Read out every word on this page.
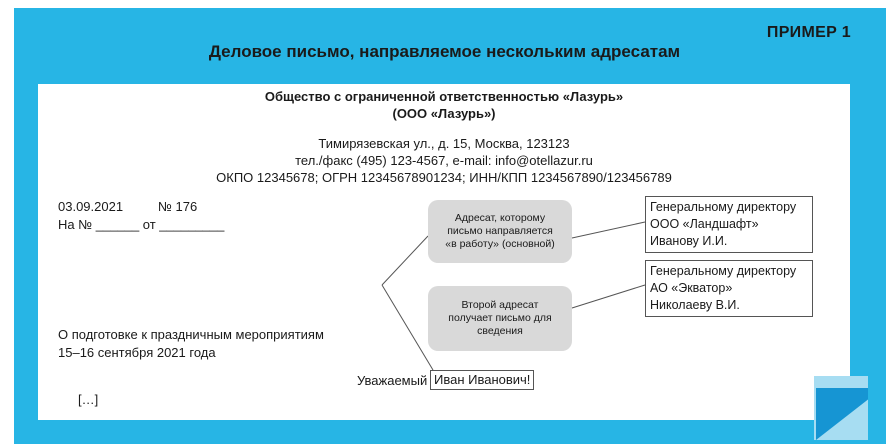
ПРИМЕР 1
Деловое письмо, направляемое нескольким адресатам
Общество с ограниченной ответственностью «Лазурь»
(ООО «Лазурь»)
Тимирязевская ул., д. 15, Москва, 123123
тел./факс (495) 123-4567, e-mail: info@otellazur.ru
ОКПО 12345678; ОГРН 12345678901234; ИНН/КПП 1234567890/123456789
03.09.2021	№ 176
На № ______ от _________	Адресат, которому
письмо направляется
«в работу» (основной)
Второй адресат
получает письмо для
сведения
Генеральному директору
ООО «Ландшафт»
Иванову И.И.
Генеральному директору
АО «Экватор»
Николаеву В.И.
О подготовке к праздничным мероприятиям
15–16 сентября 2021 года
Уважаемый Иван Иванович!
[…]
